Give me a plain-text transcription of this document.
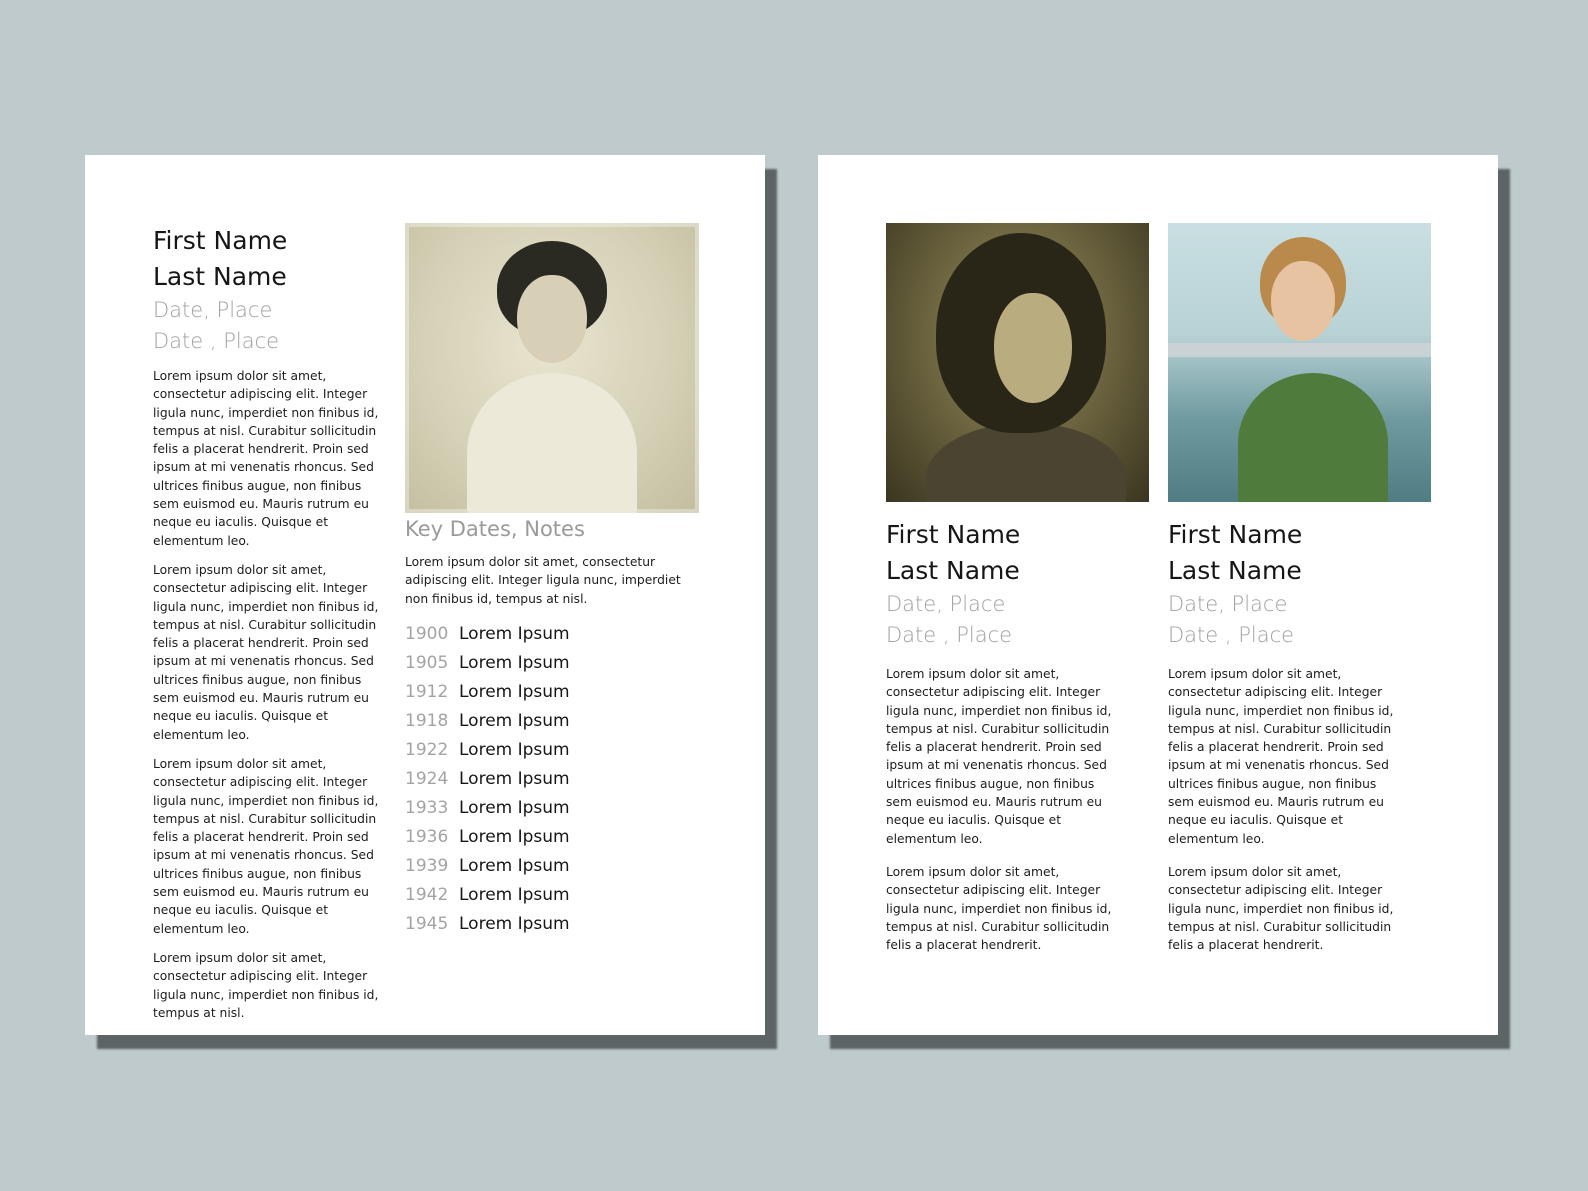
First Name
Last Name
Date, Place
Date , Place

Lorem ipsum dolor sit amet, consectetur adipiscing elit. Integer ligula nunc, imperdiet non finibus id, tempus at nisl. Curabitur sollicitudin felis a placerat hendrerit. Proin sed ipsum at mi venenatis rhoncus. Sed ultrices finibus augue, non finibus sem euismod eu. Mauris rutrum eu neque eu iaculis. Quisque et elementum leo.

Lorem ipsum dolor sit amet, consectetur adipiscing elit. Integer ligula nunc, imperdiet non finibus id, tempus at nisl. Curabitur sollicitudin felis a placerat hendrerit. Proin sed ipsum at mi venenatis rhoncus. Sed ultrices finibus augue, non finibus sem euismod eu. Mauris rutrum eu neque eu iaculis. Quisque et elementum leo.

Lorem ipsum dolor sit amet, consectetur adipiscing elit. Integer ligula nunc, imperdiet non finibus id, tempus at nisl. Curabitur sollicitudin felis a placerat hendrerit. Proin sed ipsum at mi venenatis rhoncus. Sed ultrices finibus augue, non finibus sem euismod eu. Mauris rutrum eu neque eu iaculis. Quisque et elementum leo.

Lorem ipsum dolor sit amet, consectetur adipiscing elit. Integer ligula nunc, imperdiet non finibus id, tempus at nisl.

Key Dates, Notes

Lorem ipsum dolor sit amet, consectetur adipiscing elit. Integer ligula nunc, imperdiet non finibus id, tempus at nisl.

1900 Lorem Ipsum
1905 Lorem Ipsum
1912 Lorem Ipsum
1918 Lorem Ipsum
1922 Lorem Ipsum
1924 Lorem Ipsum
1933 Lorem Ipsum
1936 Lorem Ipsum
1939 Lorem Ipsum
1942 Lorem Ipsum
1945 Lorem Ipsum
First Name
Last Name
Date, Place
Date , Place

Lorem ipsum dolor sit amet, consectetur adipiscing elit. Integer ligula nunc, imperdiet non finibus id, tempus at nisl. Curabitur sollicitudin felis a placerat hendrerit. Proin sed ipsum at mi venenatis rhoncus. Sed ultrices finibus augue, non finibus sem euismod eu. Mauris rutrum eu neque eu iaculis. Quisque et elementum leo.

Lorem ipsum dolor sit amet, consectetur adipiscing elit. Integer ligula nunc, imperdiet non finibus id, tempus at nisl. Curabitur sollicitudin felis a placerat hendrerit.

First Name
Last Name
Date, Place
Date , Place

Lorem ipsum dolor sit amet, consectetur adipiscing elit. Integer ligula nunc, imperdiet non finibus id, tempus at nisl. Curabitur sollicitudin felis a placerat hendrerit. Proin sed ipsum at mi venenatis rhoncus. Sed ultrices finibus augue, non finibus sem euismod eu. Mauris rutrum eu neque eu iaculis. Quisque et elementum leo.

Lorem ipsum dolor sit amet, consectetur adipiscing elit. Integer ligula nunc, imperdiet non finibus id, tempus at nisl. Curabitur sollicitudin felis a placerat hendrerit.
